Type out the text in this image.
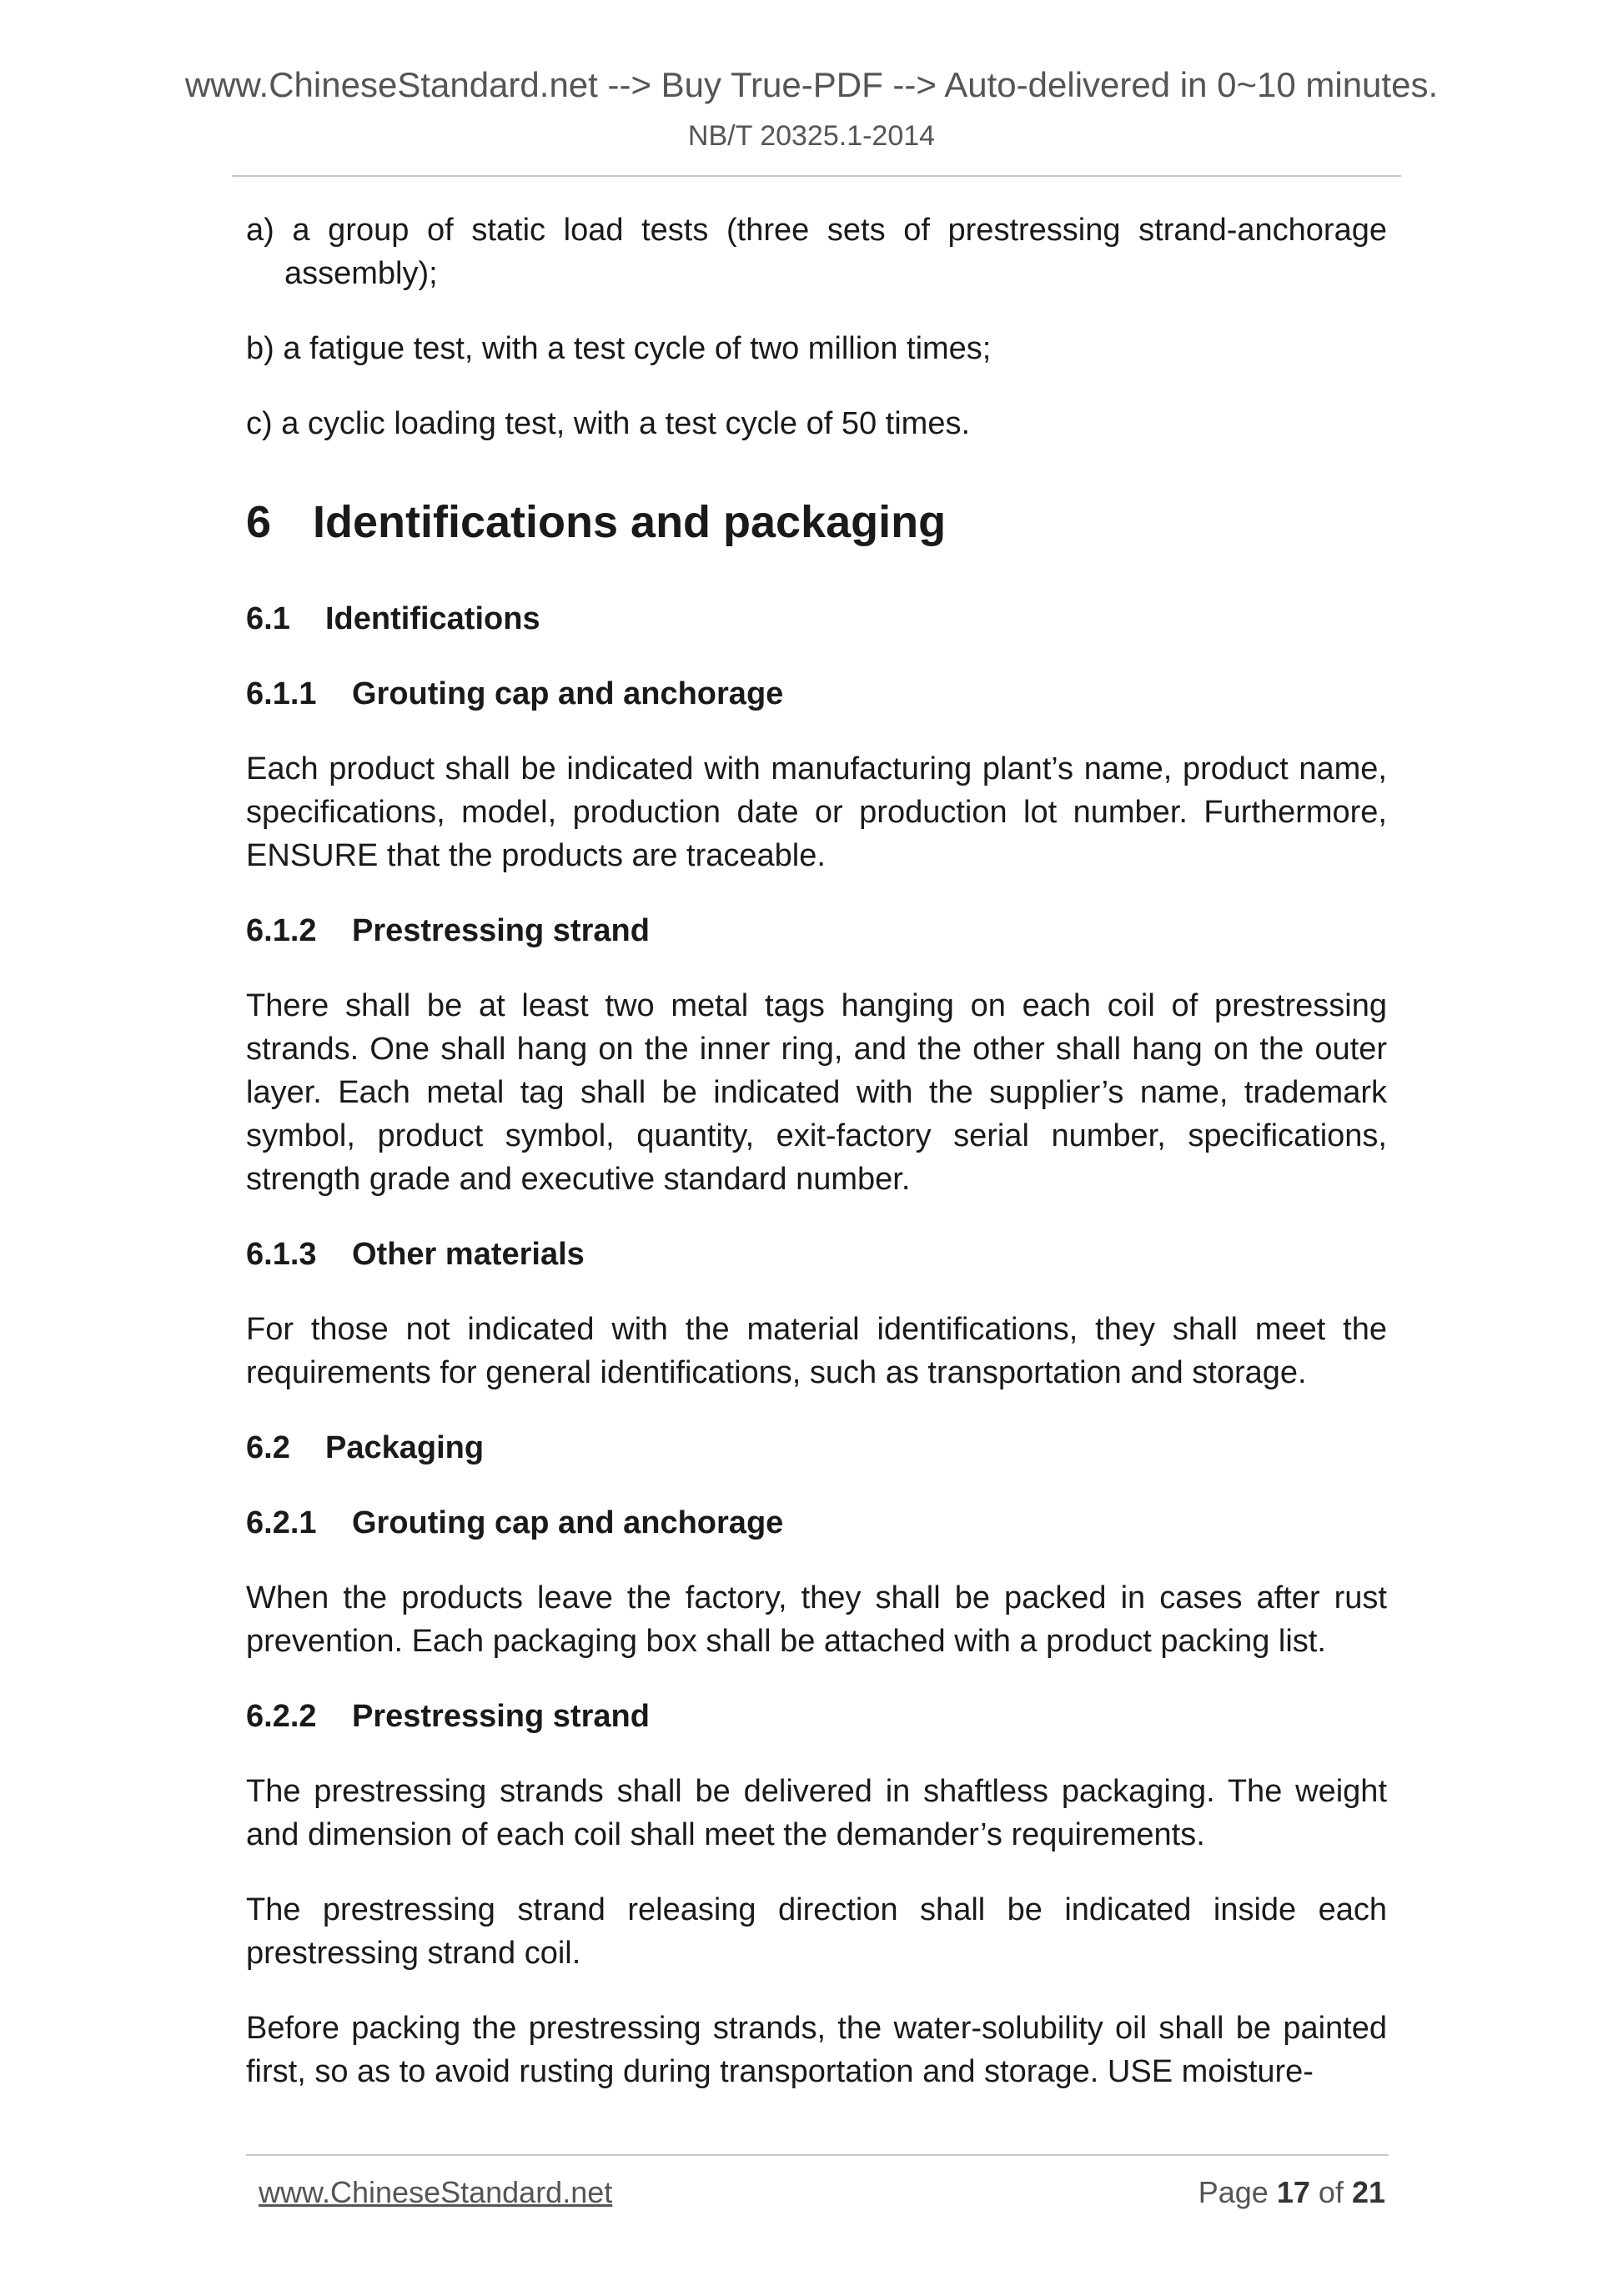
www.ChineseStandard.net --> Buy True-PDF --> Auto-delivered in 0~10 minutes.
NB/T 20325.1-2014

a) a group of static load tests (three sets of prestressing strand-anchorage assembly);

b) a fatigue test, with a test cycle of two million times;

c) a cyclic loading test, with a test cycle of 50 times.

6 Identifications and packaging
6.1 Identifications
6.1.1 Grouting cap and anchorage

Each product shall be indicated with manufacturing plant’s name, product name, specifications, model, production date or production lot number. Furthermore, ENSURE that the products are traceable.

6.1.2 Prestressing strand

There shall be at least two metal tags hanging on each coil of prestressing strands. One shall hang on the inner ring, and the other shall hang on the outer layer. Each metal tag shall be indicated with the supplier’s name, trademark symbol, product symbol, quantity, exit-factory serial number, specifications, strength grade and executive standard number.

6.1.3 Other materials

For those not indicated with the material identifications, they shall meet the requirements for general identifications, such as transportation and storage.

6.2 Packaging
6.2.1 Grouting cap and anchorage

When the products leave the factory, they shall be packed in cases after rust prevention. Each packaging box shall be attached with a product packing list.

6.2.2 Prestressing strand

The prestressing strands shall be delivered in shaftless packaging. The weight and dimension of each coil shall meet the demander’s requirements.

The prestressing strand releasing direction shall be indicated inside each prestressing strand coil.

Before packing the prestressing strands, the water-solubility oil shall be painted first, so as to avoid rusting during transportation and storage. USE moisture-

www.ChineseStandard.net	Page 17 of 21
